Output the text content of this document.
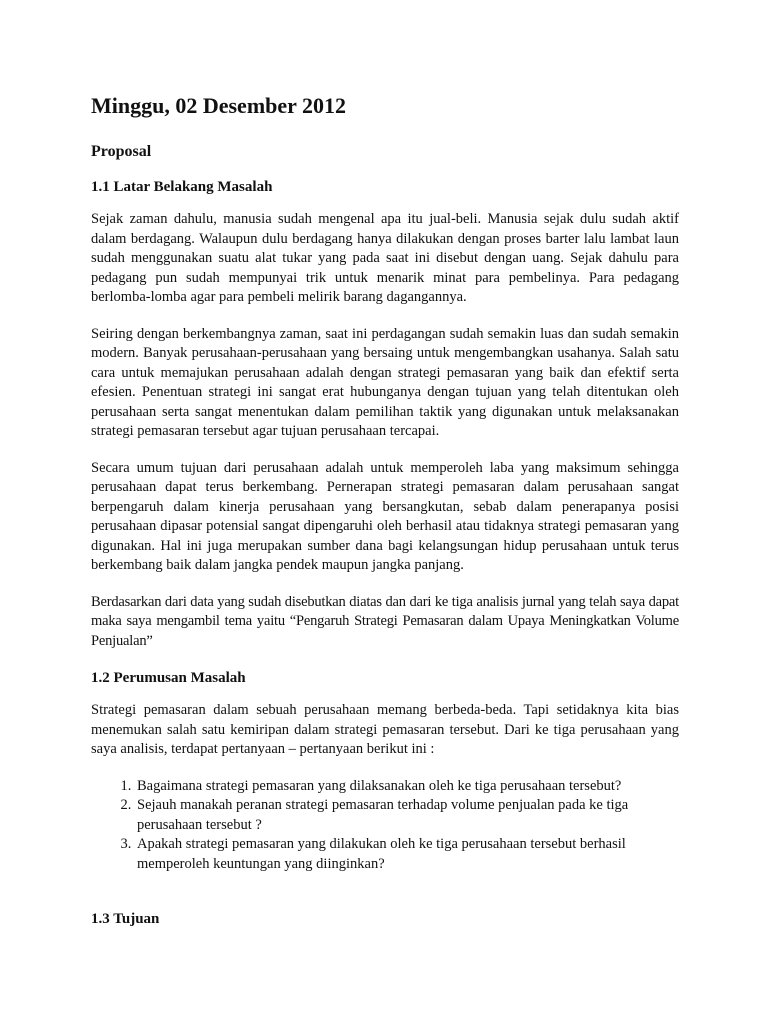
Minggu, 02 Desember 2012
Proposal
1.1 Latar Belakang Masalah

Sejak zaman dahulu, manusia sudah mengenal apa itu jual-beli. Manusia sejak dulu sudah aktif dalam berdagang. Walaupun dulu berdagang hanya dilakukan dengan proses barter lalu lambat laun sudah menggunakan suatu alat tukar yang pada saat ini disebut dengan uang. Sejak dahulu para pedagang pun sudah mempunyai trik untuk menarik minat para pembelinya. Para pedagang berlomba-lomba agar para pembeli melirik barang dagangannya.

Seiring dengan berkembangnya zaman, saat ini perdagangan sudah semakin luas dan sudah semakin modern. Banyak perusahaan-perusahaan yang bersaing untuk mengembangkan usahanya. Salah satu cara untuk memajukan perusahaan adalah dengan strategi pemasaran yang baik dan efektif serta efesien. Penentuan strategi ini sangat erat hubunganya dengan tujuan yang telah ditentukan oleh perusahaan serta sangat menentukan dalam pemilihan taktik yang digunakan untuk melaksanakan strategi pemasaran tersebut agar tujuan perusahaan tercapai.

Secara umum tujuan dari perusahaan adalah untuk memperoleh laba yang maksimum sehingga perusahaan dapat terus berkembang. Pernerapan strategi pemasaran dalam perusahaan sangat berpengaruh dalam kinerja perusahaan yang bersangkutan, sebab dalam penerapanya posisi perusahaan dipasar potensial sangat dipengaruhi oleh berhasil atau tidaknya strategi pemasaran yang digunakan. Hal ini juga merupakan sumber dana bagi kelangsungan hidup perusahaan untuk terus berkembang baik dalam jangka pendek maupun jangka panjang.

Berdasarkan dari data yang sudah disebutkan diatas dan dari ke tiga analisis jurnal yang telah saya dapat maka saya mengambil tema yaitu “Pengaruh Strategi Pemasaran dalam Upaya Meningkatkan Volume Penjualan”

1.2 Perumusan Masalah

Strategi pemasaran dalam sebuah perusahaan memang berbeda-beda. Tapi setidaknya kita bias menemukan salah satu kemiripan dalam strategi pemasaran tersebut. Dari ke tiga perusahaan yang saya analisis, terdapat pertanyaan – pertanyaan berikut ini :

1. Bagaimana strategi pemasaran yang dilaksanakan oleh ke tiga perusahaan tersebut?
2. Sejauh manakah peranan strategi pemasaran terhadap volume penjualan pada ke tiga perusahaan tersebut ?
3. Apakah strategi pemasaran yang dilakukan oleh ke tiga perusahaan tersebut berhasil memperoleh keuntungan yang diinginkan?
1.3 Tujuan
